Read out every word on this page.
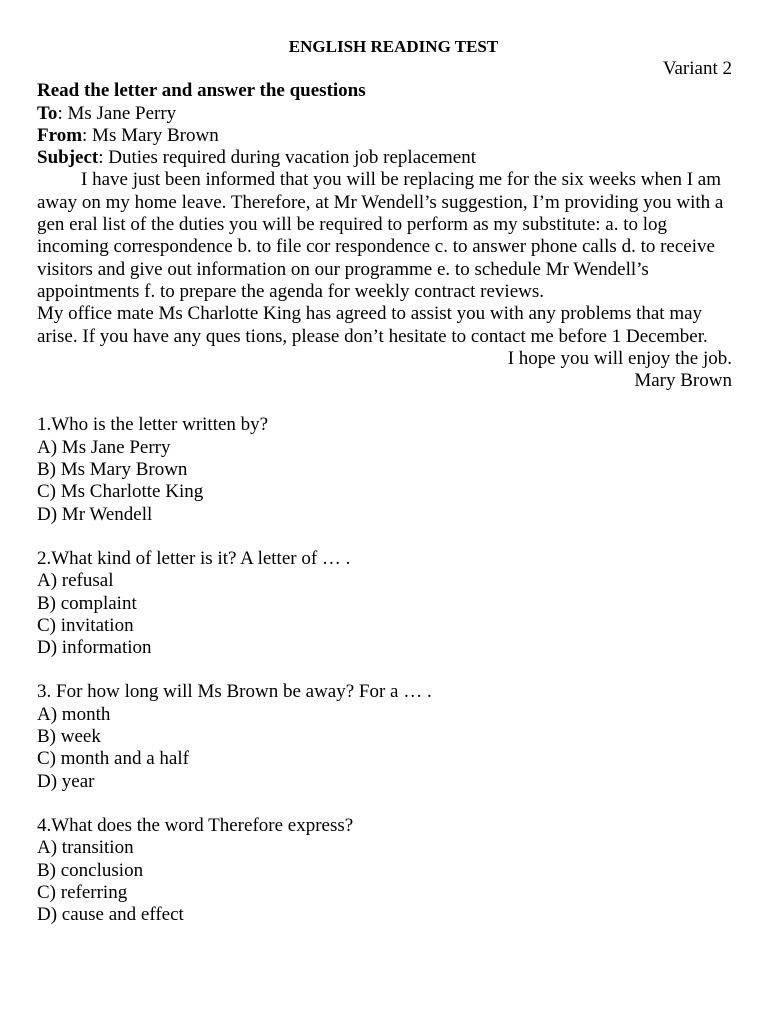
ENGLISH READING TEST

Variant 2

Read the letter and answer the questions

To: Ms Jane Perry

From: Ms Mary Brown

Subject: Duties required during vacation job replacement

I have just been informed that you will be replacing me for the six weeks when I am away on my home leave. Therefore, at Mr Wendell’s suggestion, I’m providing you with a gen eral list of the duties you will be required to perform as my substitute: a. to log incoming correspondence b. to file cor respondence c. to answer phone calls d. to receive visitors and give out information on our programme e. to schedule Mr Wendell’s appointments f. to prepare the agenda for weekly contract reviews.

My office mate Ms Charlotte King has agreed to assist you with any problems that may arise. If you have any ques tions, please don’t hesitate to contact me before 1 December.

I hope you will enjoy the job.

Mary Brown

1.Who is the letter written by?

A) Ms Jane Perry

B) Ms Mary Brown

C) Ms Charlotte King

D) Mr Wendell

2.What kind of letter is it? A letter of … .

A) refusal

B) complaint

C) invitation

D) information

3. For how long will Ms Brown be away? For a … .

A) month

B) week

C) month and a half

D) year

4.What does the word Therefore express?

A) transition

B) conclusion

C) referring

D) cause and effect
